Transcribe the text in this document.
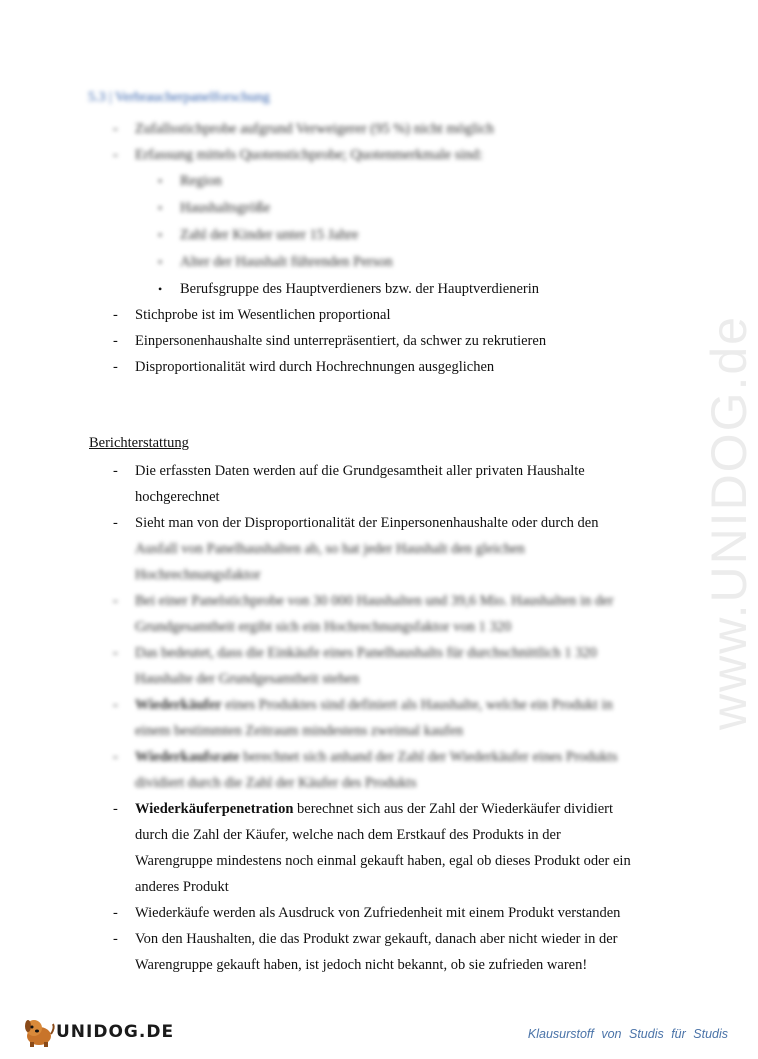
5.3 | Verbraucherpanelforschung
- Zufallsstichprobe aufgrund Verweigerer (95 %) nicht möglich
- Erfassung mittels Quotenstichprobe; Quotenmerkmale sind:
• Region
• Haushaltsgröße
• Zahl der Kinder unter 15 Jahre
• Alter der Haushalt führenden Person
• Berufsgruppe des Hauptverdieners bzw. der Hauptverdienerin
- Stichprobe ist im Wesentlichen proportional
- Einpersonenhaushalte sind unterrepräsentiert, da schwer zu rekrutieren
- Disproportionalität wird durch Hochrechnungen ausgeglichen
Berichterstattung
- Die erfassten Daten werden auf die Grundgesamtheit aller privaten Haushalte
hochgerechnet
- Sieht man von der Disproportionalität der Einpersonenhaushalte oder durch den
Ausfall von Panelhaushalten ab, so hat jeder Haushalt den gleichen
Hochrechnungsfaktor
- Bei einer Panelstichprobe von 30 000 Haushalten und 39,6 Mio. Haushalten in der
Grundgesamtheit ergibt sich ein Hochrechnungsfaktor von 1 320
- Das bedeutet, dass die Einkäufe eines Panelhaushalts für durchschnittlich 1 320
Haushalte der Grundgesamtheit stehen
- Wiederkäufer eines Produktes sind definiert als Haushalte, welche ein Produkt in
einem bestimmten Zeitraum mindestens zweimal kaufen
- Wiederkaufsrate berechnet sich anhand der Zahl der Wiederkäufer eines Produkts
dividiert durch die Zahl der Käufer des Produkts
- Wiederkäuferpenetration berechnet sich aus der Zahl der Wiederkäufer dividiert
durch die Zahl der Käufer, welche nach dem Erstkauf des Produkts in der
Warengruppe mindestens noch einmal gekauft haben, egal ob dieses Produkt oder ein
anderes Produkt
- Wiederkäufe werden als Ausdruck von Zufriedenheit mit einem Produkt verstanden
- Von den Haushalten, die das Produkt zwar gekauft, danach aber nicht wieder in der
Warengruppe gekauft haben, ist jedoch nicht bekannt, ob sie zufrieden waren!
www.UNIDOG.de
UNIDOG.DE	Klausurstoff von Studis für Studis
